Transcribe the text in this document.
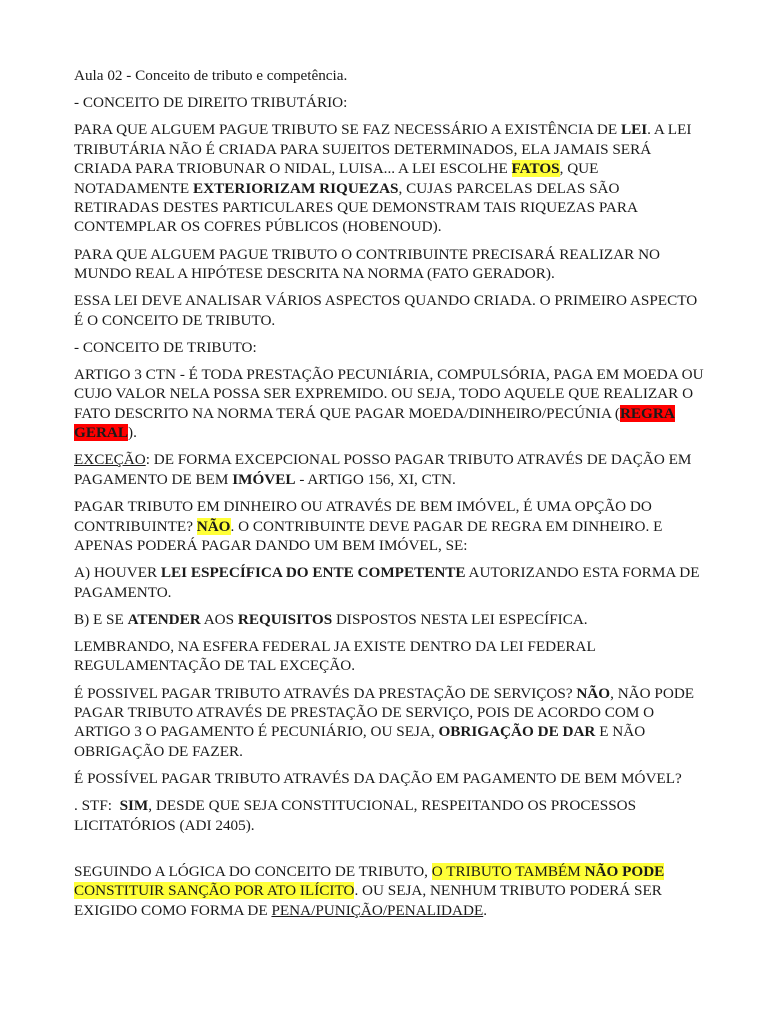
Aula 02 - Conceito de tributo e competência.

- CONCEITO DE DIREITO TRIBUTÁRIO:

PARA QUE ALGUEM PAGUE TRIBUTO SE FAZ NECESSÁRIO A EXISTÊNCIA DE LEI. A LEI TRIBUTÁRIA NÃO É CRIADA PARA SUJEITOS DETERMINADOS, ELA JAMAIS SERÁ CRIADA PARA TRIOBUNAR O NIDAL, LUISA... A LEI ESCOLHE FATOS, QUE NOTADAMENTE EXTERIORIZAM RIQUEZAS, CUJAS PARCELAS DELAS SÃO RETIRADAS DESTES PARTICULARES QUE DEMONSTRAM TAIS RIQUEZAS PARA CONTEMPLAR OS COFRES PÚBLICOS (HOBENOUD).

PARA QUE ALGUEM PAGUE TRIBUTO O CONTRIBUINTE PRECISARÁ REALIZAR NO MUNDO REAL A HIPÓTESE DESCRITA NA NORMA (FATO GERADOR).

ESSA LEI DEVE ANALISAR VÁRIOS ASPECTOS QUANDO CRIADA. O PRIMEIRO ASPECTO É O CONCEITO DE TRIBUTO.

- CONCEITO DE TRIBUTO:

ARTIGO 3 CTN - É TODA PRESTAÇÃO PECUNIÁRIA, COMPULSÓRIA, PAGA EM MOEDA OU CUJO VALOR NELA POSSA SER EXPREMIDO. OU SEJA, TODO AQUELE QUE REALIZAR O FATO DESCRITO NA NORMA TERÁ QUE PAGAR MOEDA/DINHEIRO/PECÚNIA (REGRA GERAL).

EXCEÇÃO: DE FORMA EXCEPCIONAL POSSO PAGAR TRIBUTO ATRAVÉS DE DAÇÃO EM PAGAMENTO DE BEM IMÓVEL - ARTIGO 156, XI, CTN.

PAGAR TRIBUTO EM DINHEIRO OU ATRAVÉS DE BEM IMÓVEL, É UMA OPÇÃO DO CONTRIBUINTE? NÃO. O CONTRIBUINTE DEVE PAGAR DE REGRA EM DINHEIRO. E APENAS PODERÁ PAGAR DANDO UM BEM IMÓVEL, SE:

A) HOUVER LEI ESPECÍFICA DO ENTE COMPETENTE AUTORIZANDO ESTA FORMA DE PAGAMENTO.

B) E SE ATENDER AOS REQUISITOS DISPOSTOS NESTA LEI ESPECÍFICA.

LEMBRANDO, NA ESFERA FEDERAL JA EXISTE DENTRO DA LEI FEDERAL REGULAMENTAÇÃO DE TAL EXCEÇÃO.

É POSSIVEL PAGAR TRIBUTO ATRAVÉS DA PRESTAÇÃO DE SERVIÇOS? NÃO, NÃO PODE PAGAR TRIBUTO ATRAVÉS DE PRESTAÇÃO DE SERVIÇO, POIS DE ACORDO COM O ARTIGO 3 O PAGAMENTO É PECUNIÁRIO, OU SEJA, OBRIGAÇÃO DE DAR E NÃO OBRIGAÇÃO DE FAZER.

É POSSÍVEL PAGAR TRIBUTO ATRAVÉS DA DAÇÃO EM PAGAMENTO DE BEM MÓVEL?

. STF:  SIM, DESDE QUE SEJA CONSTITUCIONAL, RESPEITANDO OS PROCESSOS LICITATÓRIOS (ADI 2405).

SEGUINDO A LÓGICA DO CONCEITO DE TRIBUTO, O TRIBUTO TAMBÉM NÃO PODE CONSTITUIR SANÇÃO POR ATO ILÍCITO. OU SEJA, NENHUM TRIBUTO PODERÁ SER EXIGIDO COMO FORMA DE PENA/PUNIÇÃO/PENALIDADE.
